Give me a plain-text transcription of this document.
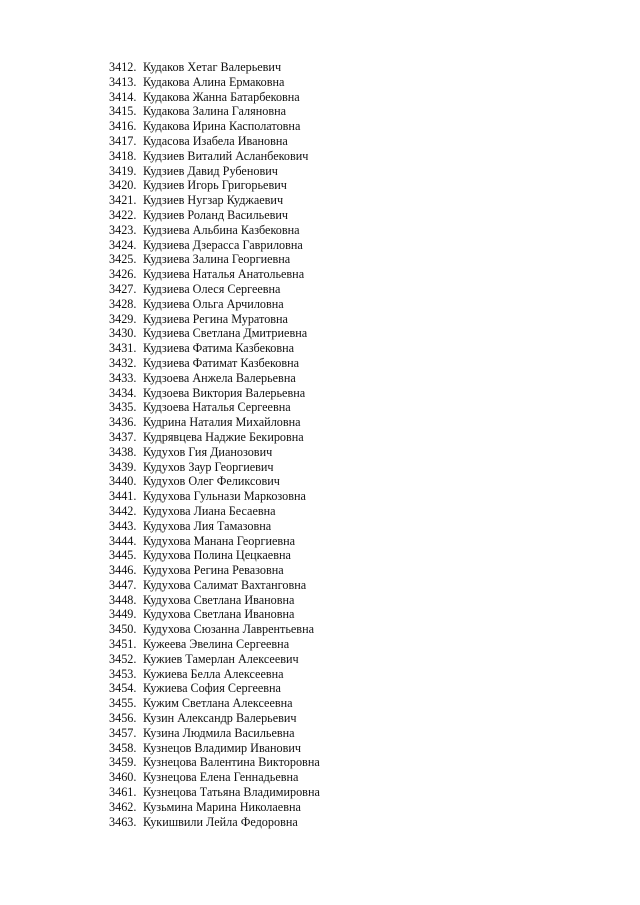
3412. Кудаков Хетаг Валерьевич
3413. Кудакова Алина Ермаковна
3414. Кудакова Жанна Батарбековна
3415. Кудакова Залина Галяновна
3416. Кудакова Ирина Касполатовна
3417. Кудасова Изабела Ивановна
3418. Кудзиев Виталий Асланбекович
3419. Кудзиев Давид Рубенович
3420. Кудзиев Игорь Григорьевич
3421. Кудзиев Нугзар Куджаевич
3422. Кудзиев Роланд Васильевич
3423. Кудзиева Альбина Казбековна
3424. Кудзиева Дзерасса Гавриловна
3425. Кудзиева Залина Георгиевна
3426. Кудзиева Наталья Анатольевна
3427. Кудзиева Олеся Сергеевна
3428. Кудзиева Ольга Арчиловна
3429. Кудзиева Регина Муратовна
3430. Кудзиева Светлана Дмитриевна
3431. Кудзиева Фатима Казбековна
3432. Кудзиева Фатимат Казбековна
3433. Кудзоева Анжела Валерьевна
3434. Кудзоева Виктория Валерьевна
3435. Кудзоева Наталья Сергеевна
3436. Кудрина Наталия Михайловна
3437. Кудрявцева Наджие Бекировна
3438. Кудухов Гия Дианозович
3439. Кудухов Заур Георгиевич
3440. Кудухов Олег Феликсович
3441. Кудухова Гульнази Маркозовна
3442. Кудухова Лиана Бесаевна
3443. Кудухова Лия Тамазовна
3444. Кудухова Манана Георгиевна
3445. Кудухова Полина Цецкаевна
3446. Кудухова Регина Ревазовна
3447. Кудухова Салимат Вахтанговна
3448. Кудухова Светлана Ивановна
3449. Кудухова Светлана Ивановна
3450. Кудухова Сюзанна Лаврентьевна
3451. Кужеева Эвелина Сергеевна
3452. Кужиев Тамерлан Алексеевич
3453. Кужиева Белла Алексеевна
3454. Кужиева София Сергеевна
3455. Кужим Светлана Алексеевна
3456. Кузин Александр Валерьевич
3457. Кузина Людмила Васильевна
3458. Кузнецов Владимир Иванович
3459. Кузнецова Валентина Викторовна
3460. Кузнецова Елена Геннадьевна
3461. Кузнецова Татьяна Владимировна
3462. Кузьмина Марина Николаевна
3463. Кукишвили Лейла Федоровна
